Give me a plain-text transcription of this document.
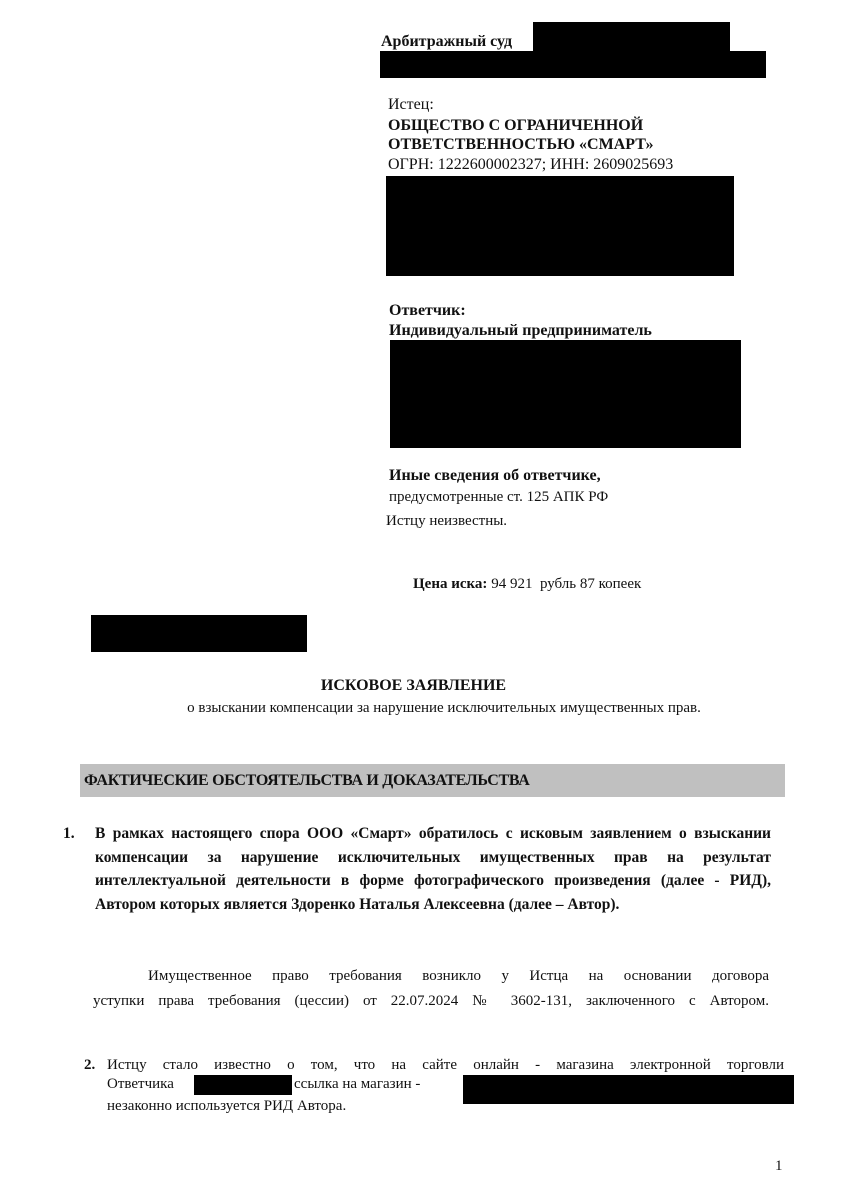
Арбитражный суд
Истец:
ОБЩЕСТВО С ОГРАНИЧЕННОЙ
ОТВЕТСТВЕННОСТЬЮ «СМАРТ»
ОГРН: 1222600002327; ИНН: 2609025693
Ответчик:
Индивидуальный предприниматель
Иные сведения об ответчике,
предусмотренные ст. 125 АПК РФ
Истцу неизвестны.
Цена иска: 94 921  рубль 87 копеек
ИСКОВОЕ ЗАЯВЛЕНИЕ
о взыскании компенсации за нарушение исключительных имущественных прав.
ФАКТИЧЕСКИЕ ОБСТОЯТЕЛЬСТВА И ДОКАЗАТЕЛЬСТВА
1. В рамках настоящего спора ООО «Смарт» обратилось с исковым заявлением о взыскании компенсации за нарушение исключительных имущественных прав на результат интеллектуальной деятельности в форме фотографического произведения (далее - РИД), Автором которых является Здоренко Наталья Алексеевна (далее – Автор).
Имущественное право требования возникло у Истца на основании договора
уступки права требования (цессии) от 22.07.2024 № 3602-131, заключенного с Автором.
2. Истцу стало известно о том, что на сайте онлайн - магазина электронной торговли
Ответчика	ссылка на магазин -
незаконно используется РИД Автора.
1
